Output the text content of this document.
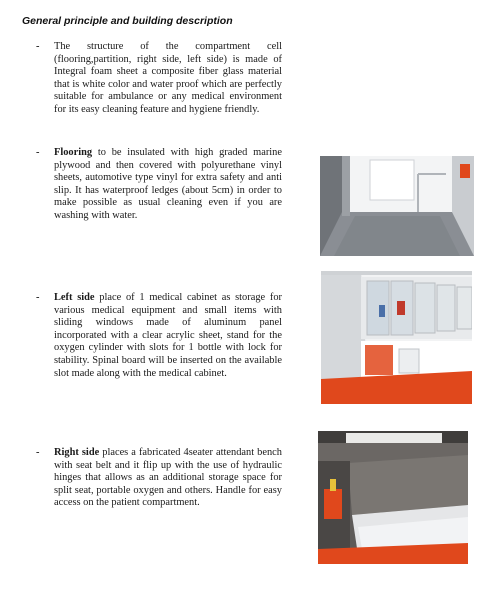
General principle and building description
- The structure of the compartment cell (flooring,partition, right side, left side) is made of Integral foam sheet a composite fiber glass material that is white color and water proof which are perfectly suitable for ambulance or any medical environment for its easy cleaning feature and hygiene friendly.
- Flooring to be insulated with high graded marine plywood and then covered with polyurethane vinyl sheets, automotive type vinyl for extra safety and anti slip. It has waterproof ledges (about 5cm) in order to make possible as usual cleaning even if you are washing with water.
- Left side place of 1 medical cabinet as storage for various medical equipment and small items with sliding windows made of aluminum panel incorporated with a clear acrylic sheet, stand for the oxygen cylinder with slots for 1 bottle with lock for stability. Spinal board will be inserted on the available slot made along with the medical cabinet.
- Right side places a fabricated 4seater attendant bench with seat belt and it flip up with the use of hydraulic hinges that allows as an additional storage space for split seat, portable oxygen and others. Handle for easy access on the patient compartment.
